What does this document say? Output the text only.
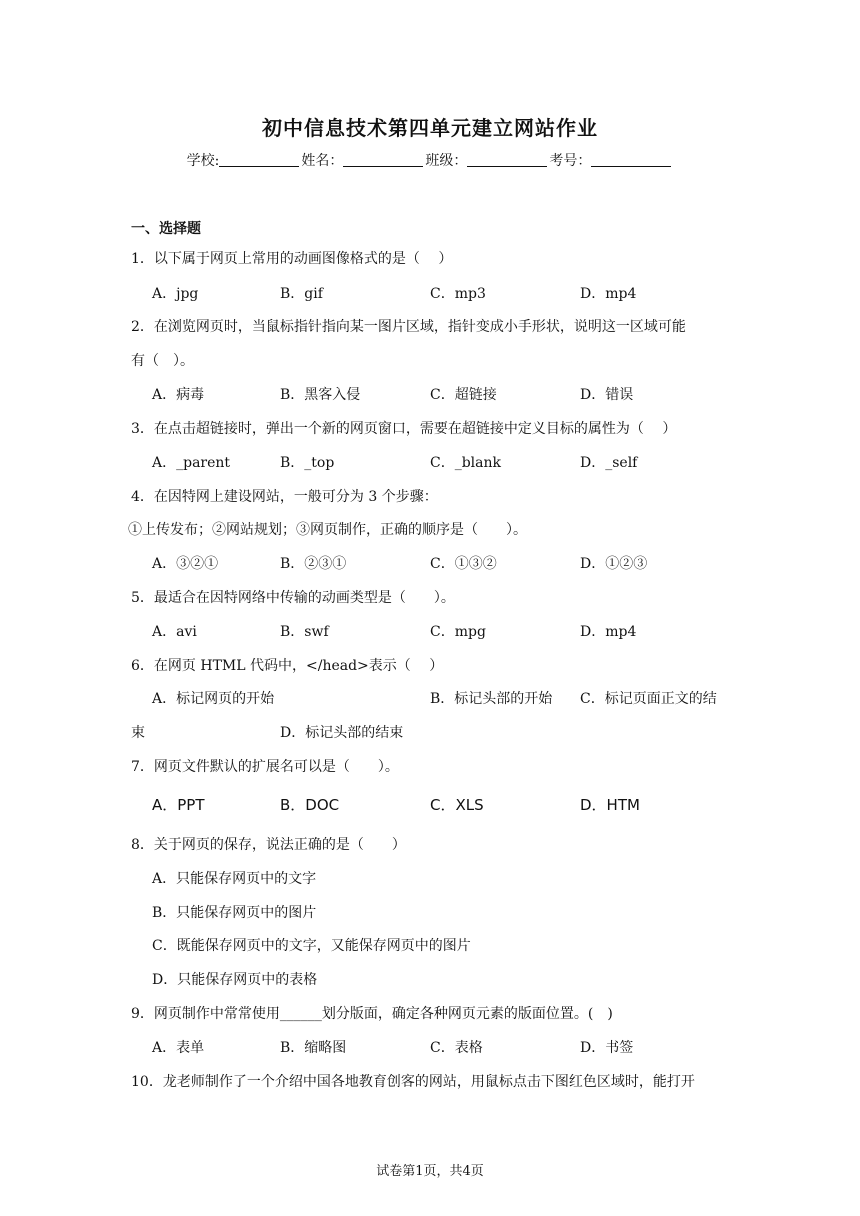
初中信息技术第四单元建立网站作业
学校:	姓名：	班级：	考号：
一、选择题
1．以下属于网页上常用的动画图像格式的是（　 ）
A．jpg	B．gif	C．mp3	D．mp4
2．在浏览网页时，当鼠标指针指向某一图片区域，指针变成小手形状，说明这一区域可能
有（　）。
A．病毒	B．黑客入侵	C．超链接	D．错误
3．在点击超链接时，弹出一个新的网页窗口，需要在超链接中定义目标的属性为（　 ）
A．_parent	B．_top	C．_blank	D．_self
4．在因特网上建设网站，一般可分为 3 个步骤：
①上传发布；②网站规划；③网页制作，正确的顺序是（　　）。
A．③②①	B．②③①	C．①③②	D．①②③
5．最适合在因特网络中传输的动画类型是（　　）。
A．avi	B．swf	C．mpg	D．mp4
6．在网页 HTML 代码中，</head>表示（　 ）
A．标记网页的开始	B．标记头部的开始 C．标记页面正文的结
束	D．标记头部的结束
7．网页文件默认的扩展名可以是（　　）。
A．PPT	B．DOC	C．XLS	D．HTM
8．关于网页的保存，说法正确的是（　　）
A．只能保存网页中的文字
B．只能保存网页中的图片
C．既能保存网页中的文字，又能保存网页中的图片
D．只能保存网页中的表格
9．网页制作中常常使用______划分版面，确定各种网页元素的版面位置。(　)
A．表单	B．缩略图	C．表格	D．书签
10．龙老师制作了一个介绍中国各地教育创客的网站，用鼠标点击下图红色区域时，能打开
试卷第1页，共4页
